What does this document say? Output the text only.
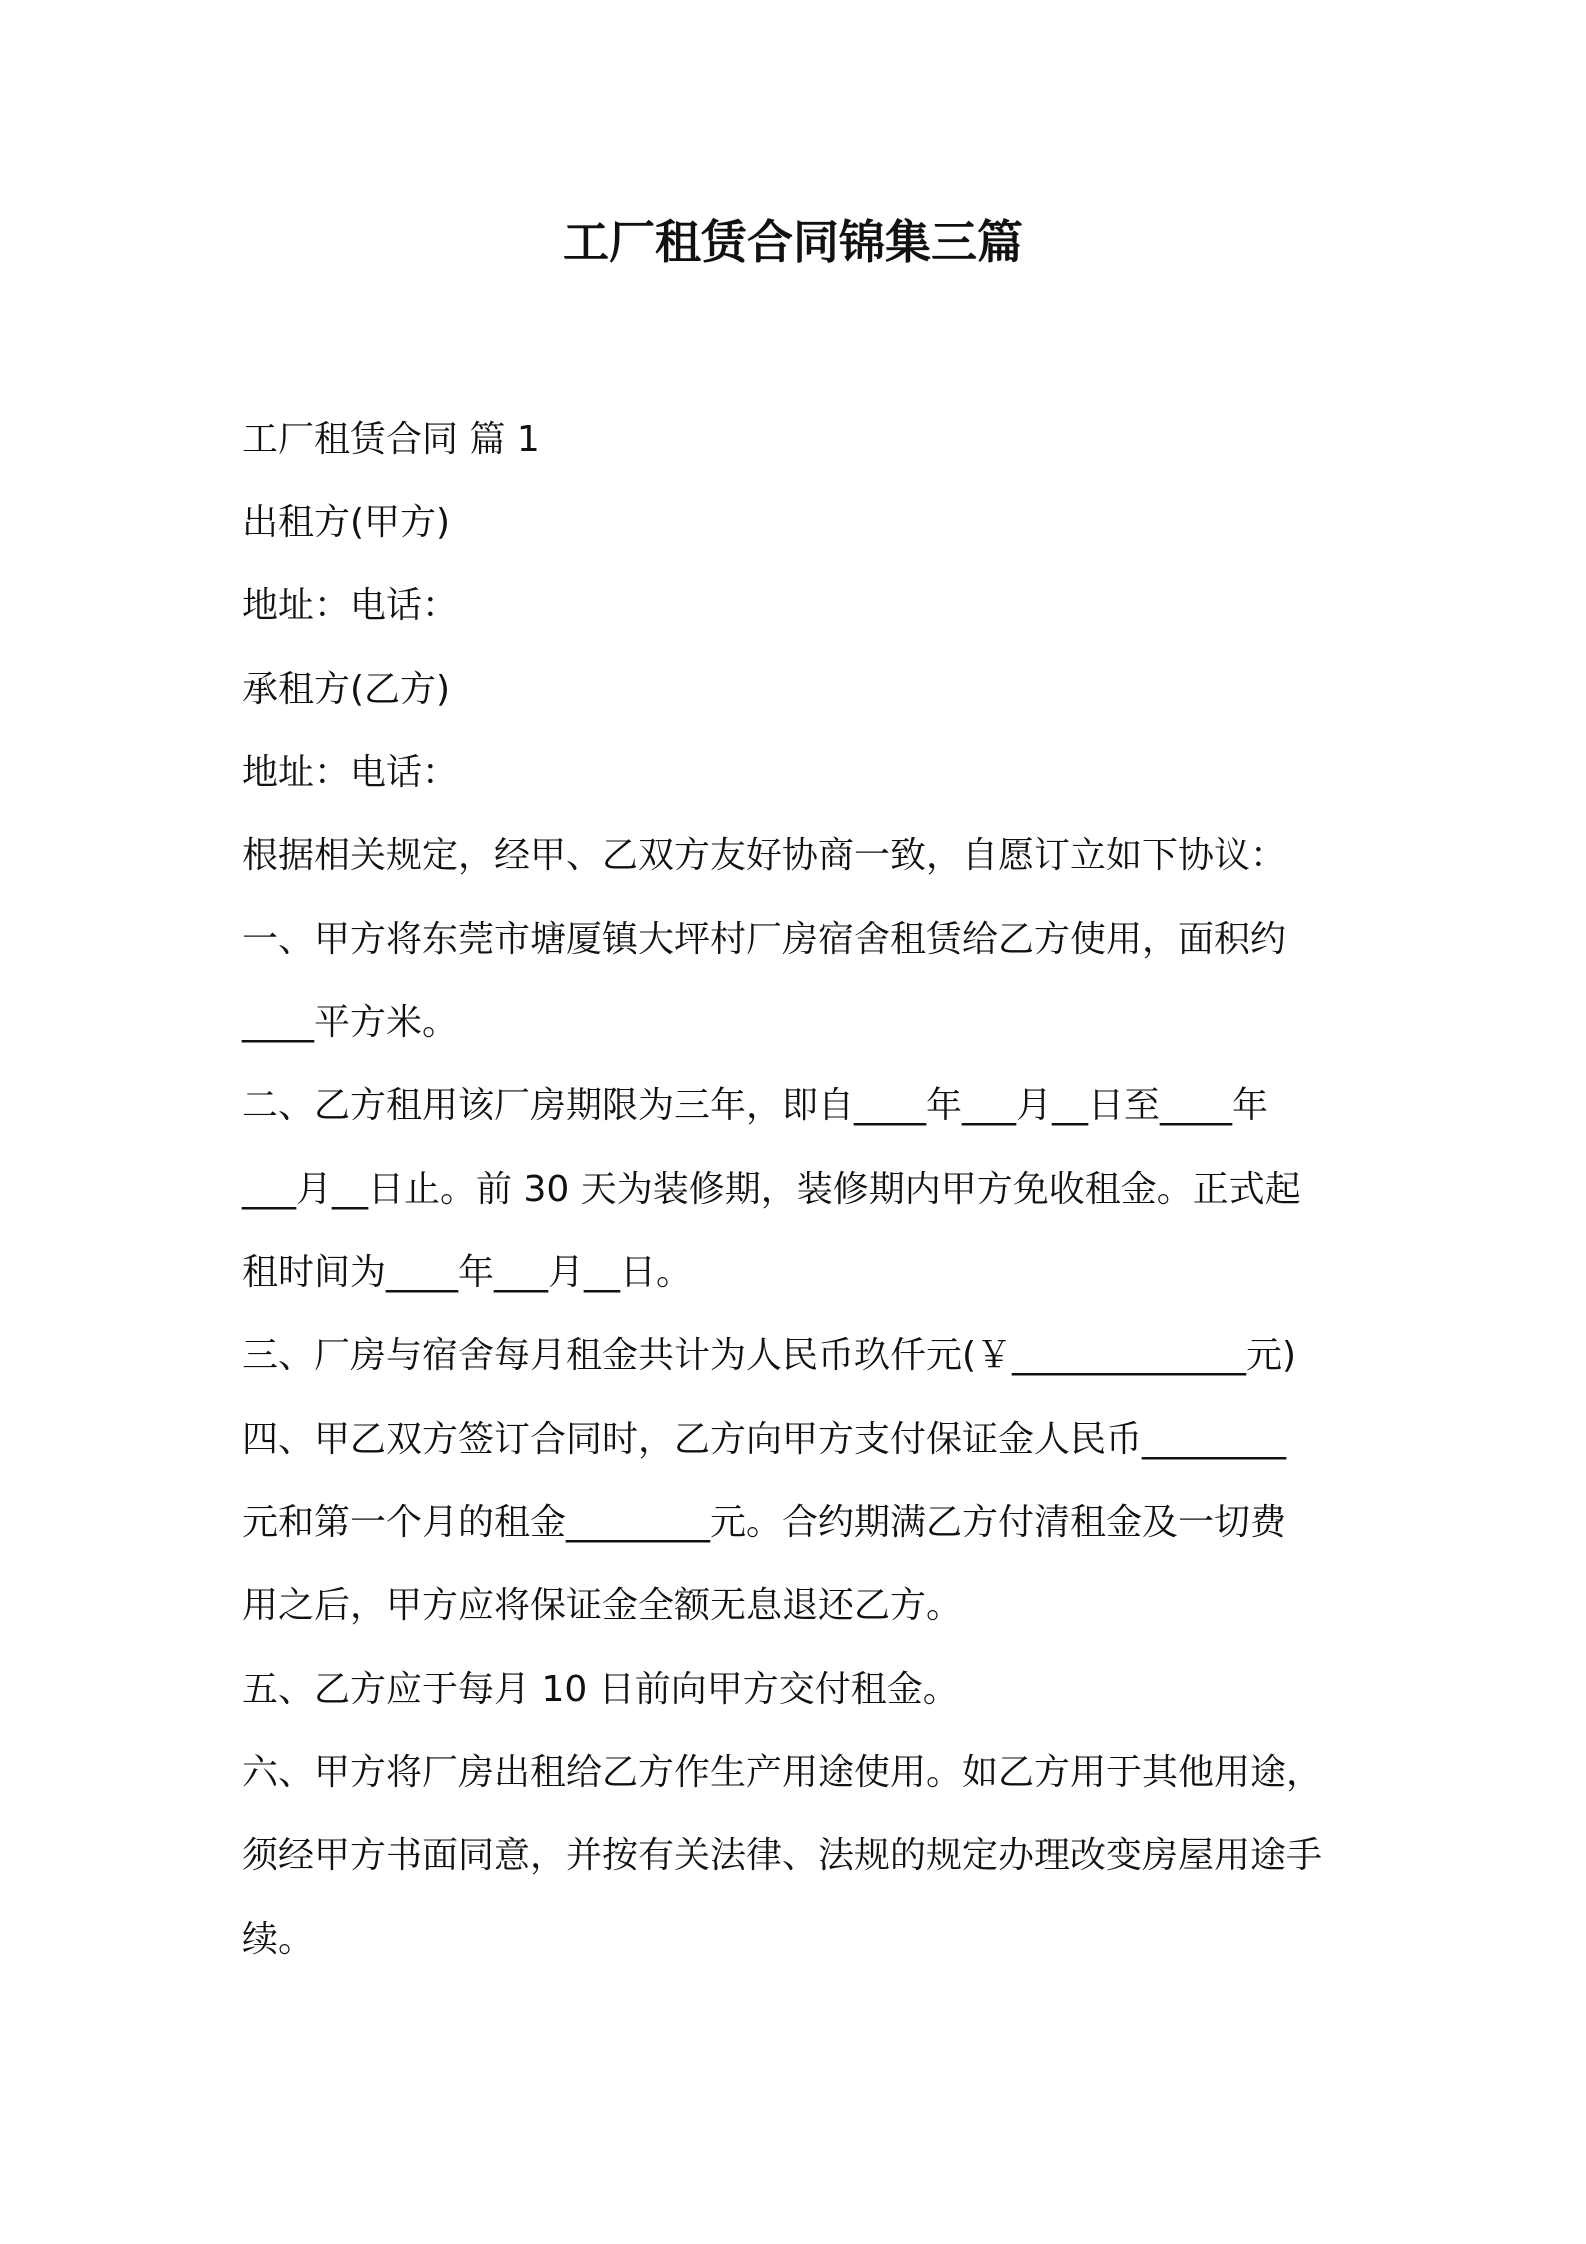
工厂租赁合同锦集三篇

工厂租赁合同 篇 1

出租方(甲方)

地址：电话：

承租方(乙方)

地址：电话：

根据相关规定，经甲、乙双方友好协商一致，自愿订立如下协议：

一、甲方将东莞市塘厦镇大坪村厂房宿舍租赁给乙方使用，面积约

____平方米。

二、乙方租用该厂房期限为三年，即自____年___月__日至____年

___月__日止。前 30 天为装修期，装修期内甲方免收租金。正式起

租时间为____年___月__日。

三、厂房与宿舍每月租金共计为人民币玖仟元(￥_____________元)

四、甲乙双方签订合同时，乙方向甲方支付保证金人民币________

元和第一个月的租金________元。合约期满乙方付清租金及一切费

用之后，甲方应将保证金全额无息退还乙方。

五、乙方应于每月 10 日前向甲方交付租金。

六、甲方将厂房出租给乙方作生产用途使用。如乙方用于其他用途，

须经甲方书面同意，并按有关法律、法规的规定办理改变房屋用途手

续。
